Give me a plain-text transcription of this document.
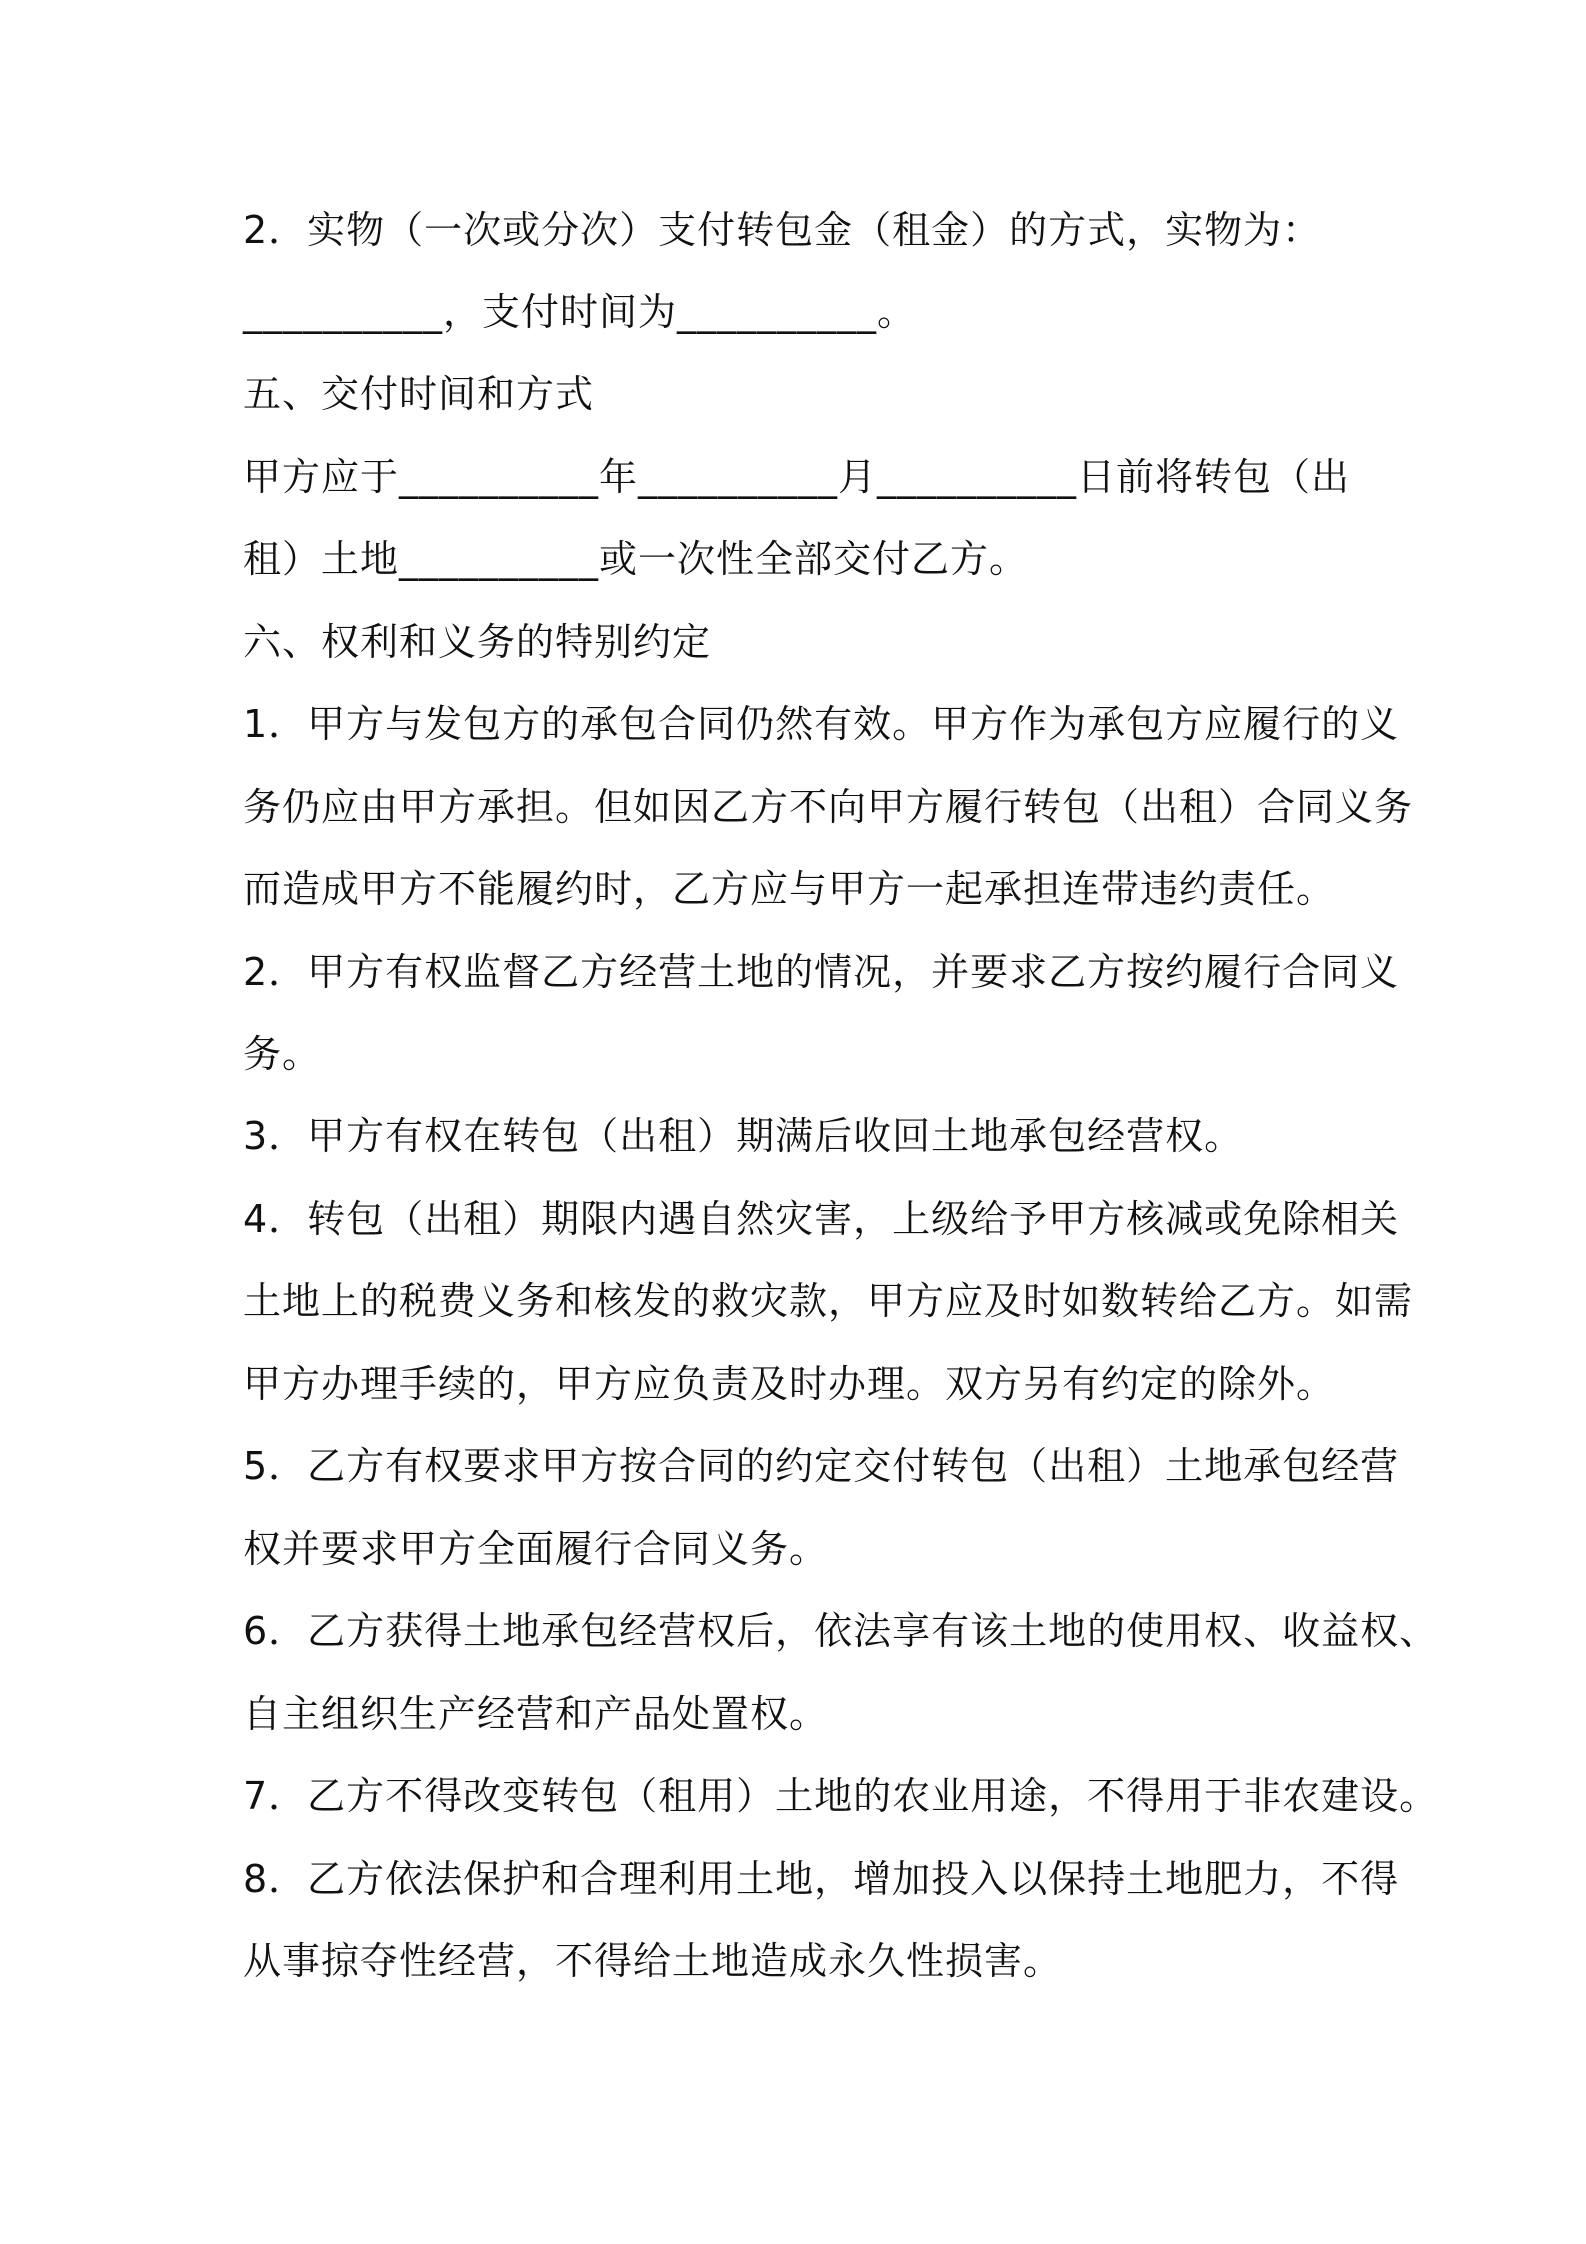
2．实物（一次或分次）支付转包金（租金）的方式，实物为：
__________，支付时间为__________。
五、交付时间和方式
甲方应于__________年__________月__________日前将转包（出
租）土地__________或一次性全部交付乙方。
六、权利和义务的特别约定
1．甲方与发包方的承包合同仍然有效。甲方作为承包方应履行的义
务仍应由甲方承担。但如因乙方不向甲方履行转包（出租）合同义务
而造成甲方不能履约时，乙方应与甲方一起承担连带违约责任。
2．甲方有权监督乙方经营土地的情况，并要求乙方按约履行合同义
务。
3．甲方有权在转包（出租）期满后收回土地承包经营权。
4．转包（出租）期限内遇自然灾害，上级给予甲方核减或免除相关
土地上的税费义务和核发的救灾款，甲方应及时如数转给乙方。如需
甲方办理手续的，甲方应负责及时办理。双方另有约定的除外。
5．乙方有权要求甲方按合同的约定交付转包（出租）土地承包经营
权并要求甲方全面履行合同义务。
6．乙方获得土地承包经营权后，依法享有该土地的使用权、收益权、
自主组织生产经营和产品处置权。
7．乙方不得改变转包（租用）土地的农业用途，不得用于非农建设。
8．乙方依法保护和合理利用土地，增加投入以保持土地肥力，不得
从事掠夺性经营，不得给土地造成永久性损害。
